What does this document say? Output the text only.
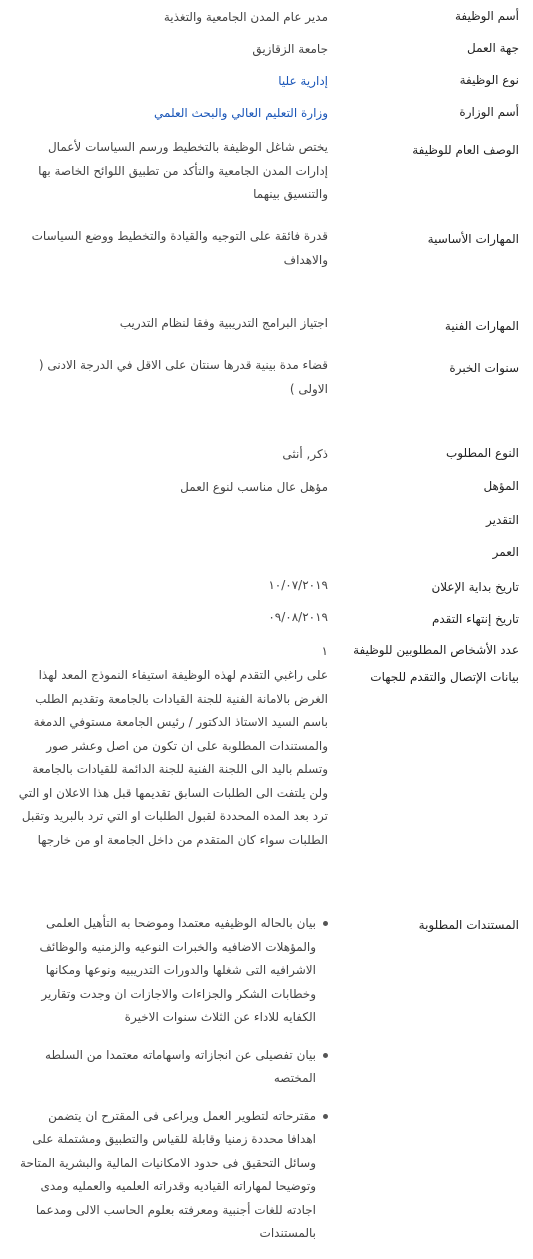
أسم الوظيفة
مدير عام المدن الجامعية والتغذية
جهة العمل
جامعة الزقازيق
نوع الوظيفة
إدارية عليا
أسم الوزارة
وزارة التعليم العالي والبحث العلمي
الوصف العام للوظيفة
يختص شاغل الوظيفة بالتخطيط ورسم السياسات لأعمال إدارات المدن الجامعية والتأكد من تطبيق اللوائح الخاصة بها والتنسيق بينهما
المهارات الأساسية
قدرة فائقة على التوجيه والقيادة والتخطيط ووضع السياسات والاهداف
المهارات الفنية
اجتياز البرامج التدريبية وفقا لنظام التدريب
سنوات الخبرة
قضاء مدة بينية قدرها سنتان على الاقل في الدرجة الادنى ( الاولى )
النوع المطلوب
ذكر, أنثى
المؤهل
مؤهل عال مناسب لنوع العمل
التقدير
العمر
تاريخ بداية الإعلان
١٠/٠٧/٢٠١٩
تاريخ إنتهاء التقدم
٠٩/٠٨/٢٠١٩
عدد الأشخاص المطلوبين للوظيفة
١
بيانات الإتصال والتقدم للجهات
على راغبي التقدم لهذه الوظيفة استيفاء النموذج المعد لهذا الغرض بالامانة الفنية للجنة القيادات بالجامعة وتقديم الطلب باسم السيد الاستاذ الدكتور / رئيس الجامعة مستوفي الدمغة والمستندات المطلوبة على ان تكون من اصل وعشر صور وتسلم باليد الى اللجنة الفنية للجنة الدائمة للقيادات بالجامعة ولن يلتفت الى الطلبات السابق تقديمها قبل هذا الاعلان او التي ترد بعد المده المحددة لقبول الطلبات او التي ترد بالبريد وتقبل الطلبات سواء كان المتقدم من داخل الجامعة او من خارجها
المستندات المطلوبة
بيان بالحاله الوظيفيه معتمدا وموضحا به التأهيل العلمى والمؤهلات الاضافيه والخبرات النوعيه والزمنيه والوظائف الاشرافيه التى شغلها والدورات التدريبيه ونوعها ومكانها وخطابات الشكر والجزاءات والاجازات ان وجدت وتقارير الكفايه للاداء عن الثلاث سنوات الاخيرة
بيان تفصيلى عن انجازاته واسهاماته معتمدا من السلطه المختصه
مقترحاته لتطوير العمل ويراعى فى المقترح ان يتضمن اهدافا محددة زمنيا وقابلة للقياس والتطبيق ومشتملة على وسائل التحقيق فى حدود الامكانيات المالية والبشرية المتاحة وتوضيحا لمهاراته القياديه وقدراته العلميه والعمليه ومدى اجادته للغات أجنبية ومعرفته بعلوم الحاسب الالى ومدعما بالمستندات
